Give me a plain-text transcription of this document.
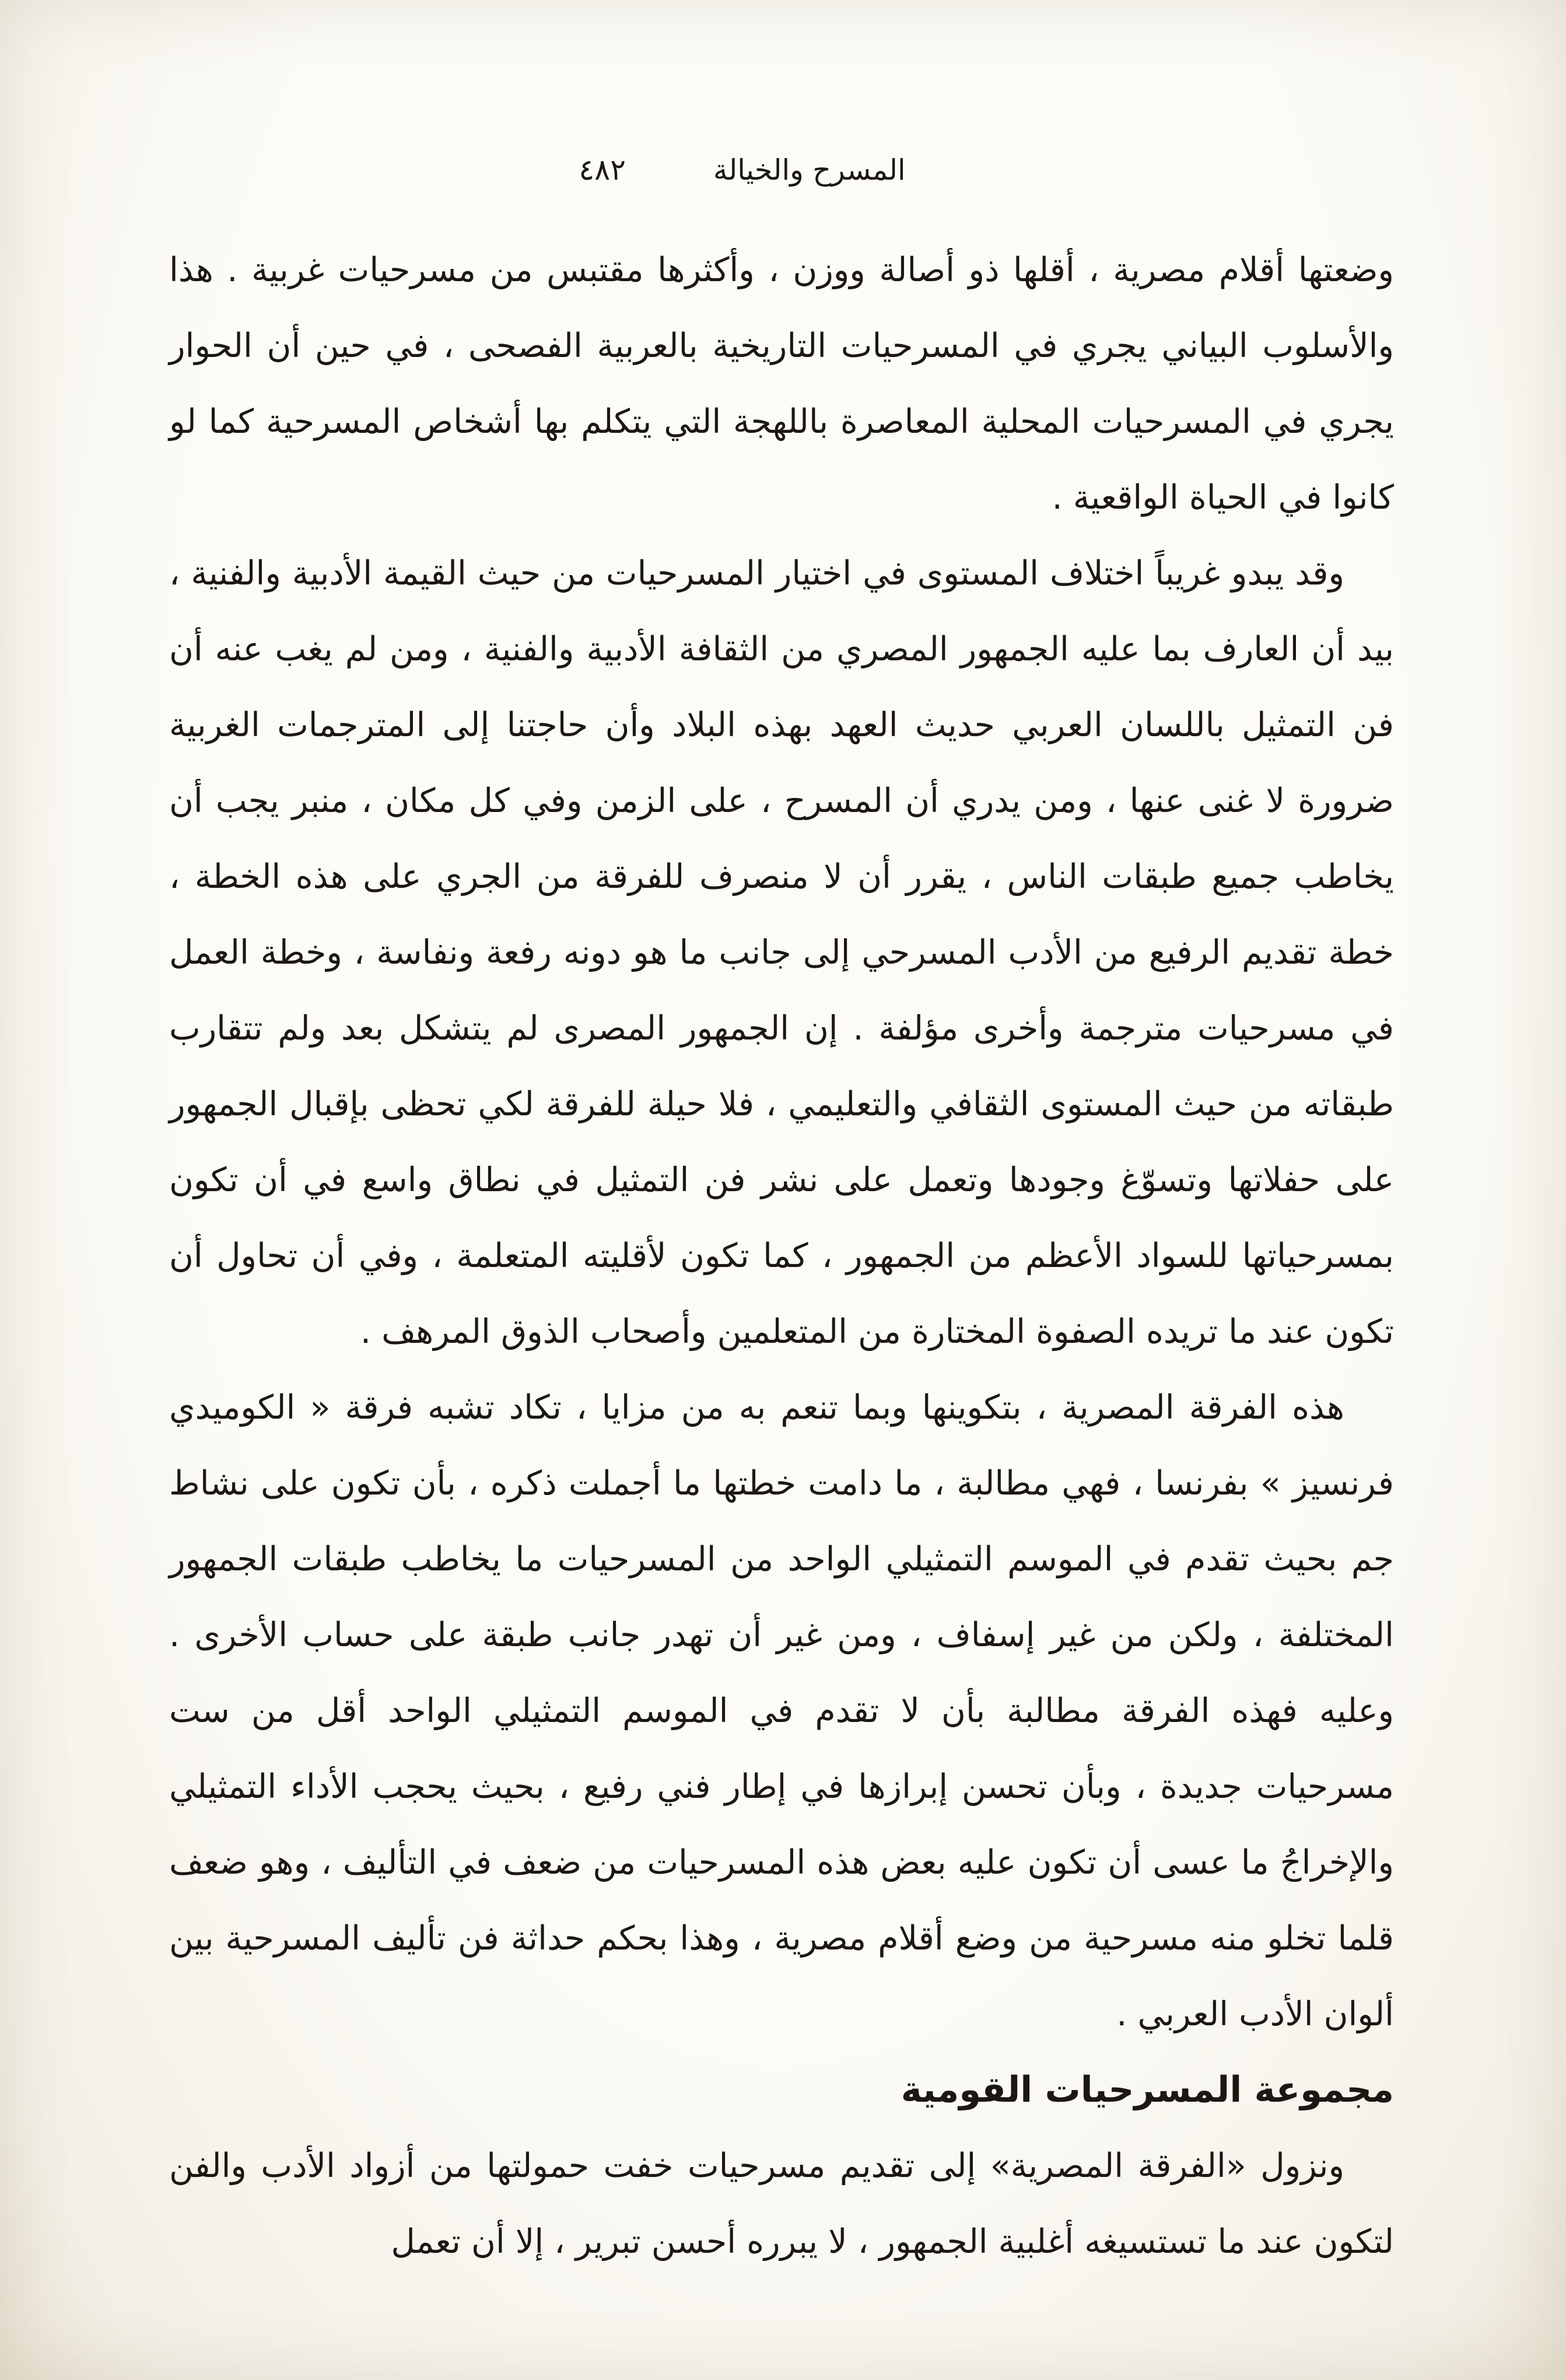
المسرح والخيالة٤٨٢

وضعتها أقلام مصرية ، أقلها ذو أصالة ووزن ، وأكثرها مقتبس من مسرحيات غربية . هذا والأسلوب البياني يجري في المسرحيات التاريخية بالعربية الفصحى ، في حين أن الحوار يجري في المسرحيات المحلية المعاصرة باللهجة التي يتكلم بها أشخاص المسرحية كما لو كانوا في الحياة الواقعية .

وقد يبدو غريباً اختلاف المستوى في اختيار المسرحيات من حيث القيمة الأدبية والفنية ، بيد أن العارف بما عليه الجمهور المصري من الثقافة الأدبية والفنية ، ومن لم يغب عنه أن فن التمثيل باللسان العربي حديث العهد بهذه البلاد وأن حاجتنا إلى المترجمات الغربية ضرورة لا غنى عنها ، ومن يدري أن المسرح ، على الزمن وفي كل مكان ، منبر يجب أن يخاطب جميع طبقات الناس ، يقرر أن لا منصرف للفرقة من الجري على هذه الخطة ، خطة تقديم الرفيع من الأدب المسرحي إلى جانب ما هو دونه رفعة ونفاسة ، وخطة العمل في مسرحيات مترجمة وأخرى مؤلفة . إن الجمهور المصرى لم يتشكل بعد ولم تتقارب طبقاته من حيث المستوى الثقافي والتعليمي ، فلا حيلة للفرقة لكي تحظى بإقبال الجمهور على حفلاتها وتسوّغ وجودها وتعمل على نشر فن التمثيل في نطاق واسع في أن تكون بمسرحياتها للسواد الأعظم من الجمهور ، كما تكون لأقليته المتعلمة ، وفي أن تحاول أن تكون عند ما تريده الصفوة المختارة من المتعلمين وأصحاب الذوق المرهف .

هذه الفرقة المصرية ، بتكوينها وبما تنعم به من مزايا ، تكاد تشبه فرقة « الكوميدي فرنسيز » بفرنسا ، فهي مطالبة ، ما دامت خطتها ما أجملت ذكره ، بأن تكون على نشاط جم بحيث تقدم في الموسم التمثيلي الواحد من المسرحيات ما يخاطب طبقات الجمهور المختلفة ، ولكن من غير إسفاف ، ومن غير أن تهدر جانب طبقة على حساب الأخرى . وعليه فهذه الفرقة مطالبة بأن لا تقدم في الموسم التمثيلي الواحد أقل من ست مسرحيات جديدة ، وبأن تحسن إبرازها في إطار فني رفيع ، بحيث يحجب الأداء التمثيلي والإخراجُ ما عسى أن تكون عليه بعض هذه المسرحيات من ضعف في التأليف ، وهو ضعف قلما تخلو منه مسرحية من وضع أقلام مصرية ، وهذا بحكم حداثة فن تأليف المسرحية بين ألوان الأدب العربي .

مجموعة المسرحيات القومية

ونزول «الفرقة المصرية» إلى تقديم مسرحيات خفت حمولتها من أزواد الأدب والفن لتكون عند ما تستسيغه أغلبية الجمهور ، لا يبرره أحسن تبرير ، إلا أن تعمل
